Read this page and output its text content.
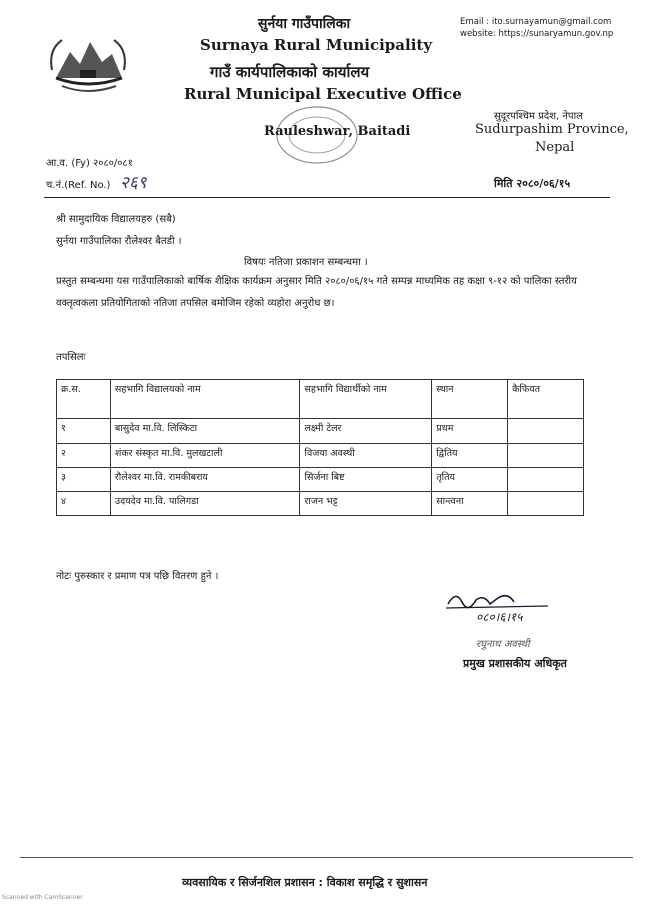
सुर्नया गाउँपालिका
Surnaya Rural Municipality
गाउँ कार्यपालिकाको कार्यालय
Rural Municipal Executive Office
Rauleshwar, Baitadi
Email : ito.surnayamun@gmail.com
website: https://sunaryamun.gov.np
सुदूरपश्चिम प्रदेश, नेपाल
Sudurpashim Province,
Nepal
आ.व. (Fy) २०८०/०८१
च.नं.(Ref. No.) २६९	मिति २०८०/०६/१५
श्री सामुदायिक विद्यालयहरु (सबै)
सुर्नया गाउँपालिका रौलेश्वर बैतडी ।
विषयः नतिजा प्रकाशन सम्बन्धमा ।
प्रस्तुत सम्बन्धमा यस गाउँपालिकाको बार्षिक शैक्षिक कार्यक्रम अनुसार मिति २०८०/०६/१५ गते सम्पन्न माध्यमिक तह कक्षा ९-१२ को पालिका स्तरीय वक्तृत्वकला प्रतियोगिताको नतिजा तपसिल बमोजिम रहेको व्यहोरा अनुरोध छ।
तपसिलः
क्र.स.	सहभागि विद्यालयको नाम	सहभागि विद्यार्थीको नाम	स्थान	कैफियत
१	बासुदेव मा.वि. लिस्किटा	लक्ष्मी टेलर	प्रथम	
२	शंकर संस्कृत मा.वि. मुलखटाली	विजया अवस्थी	द्वितिय	
३	रौलेश्वर मा.वि. रामकीबराय	सिर्जना बिष्ट	तृतिय	
४	उदयदेव मा.वि. पालिगडा	राजन भट्ट	सान्त्वना	
नोटः पुरुस्कार र प्रमाण पत्र पछि वितरण हुने ।
०८०।६।१५
रघुनाथ अवस्थी
प्रमुख प्रशासकीय अधिकृत
व्यवसायिक र सिर्जनशिल प्रशासन : विकाश समृद्धि र सुशासन
Scanned with CamScanner
